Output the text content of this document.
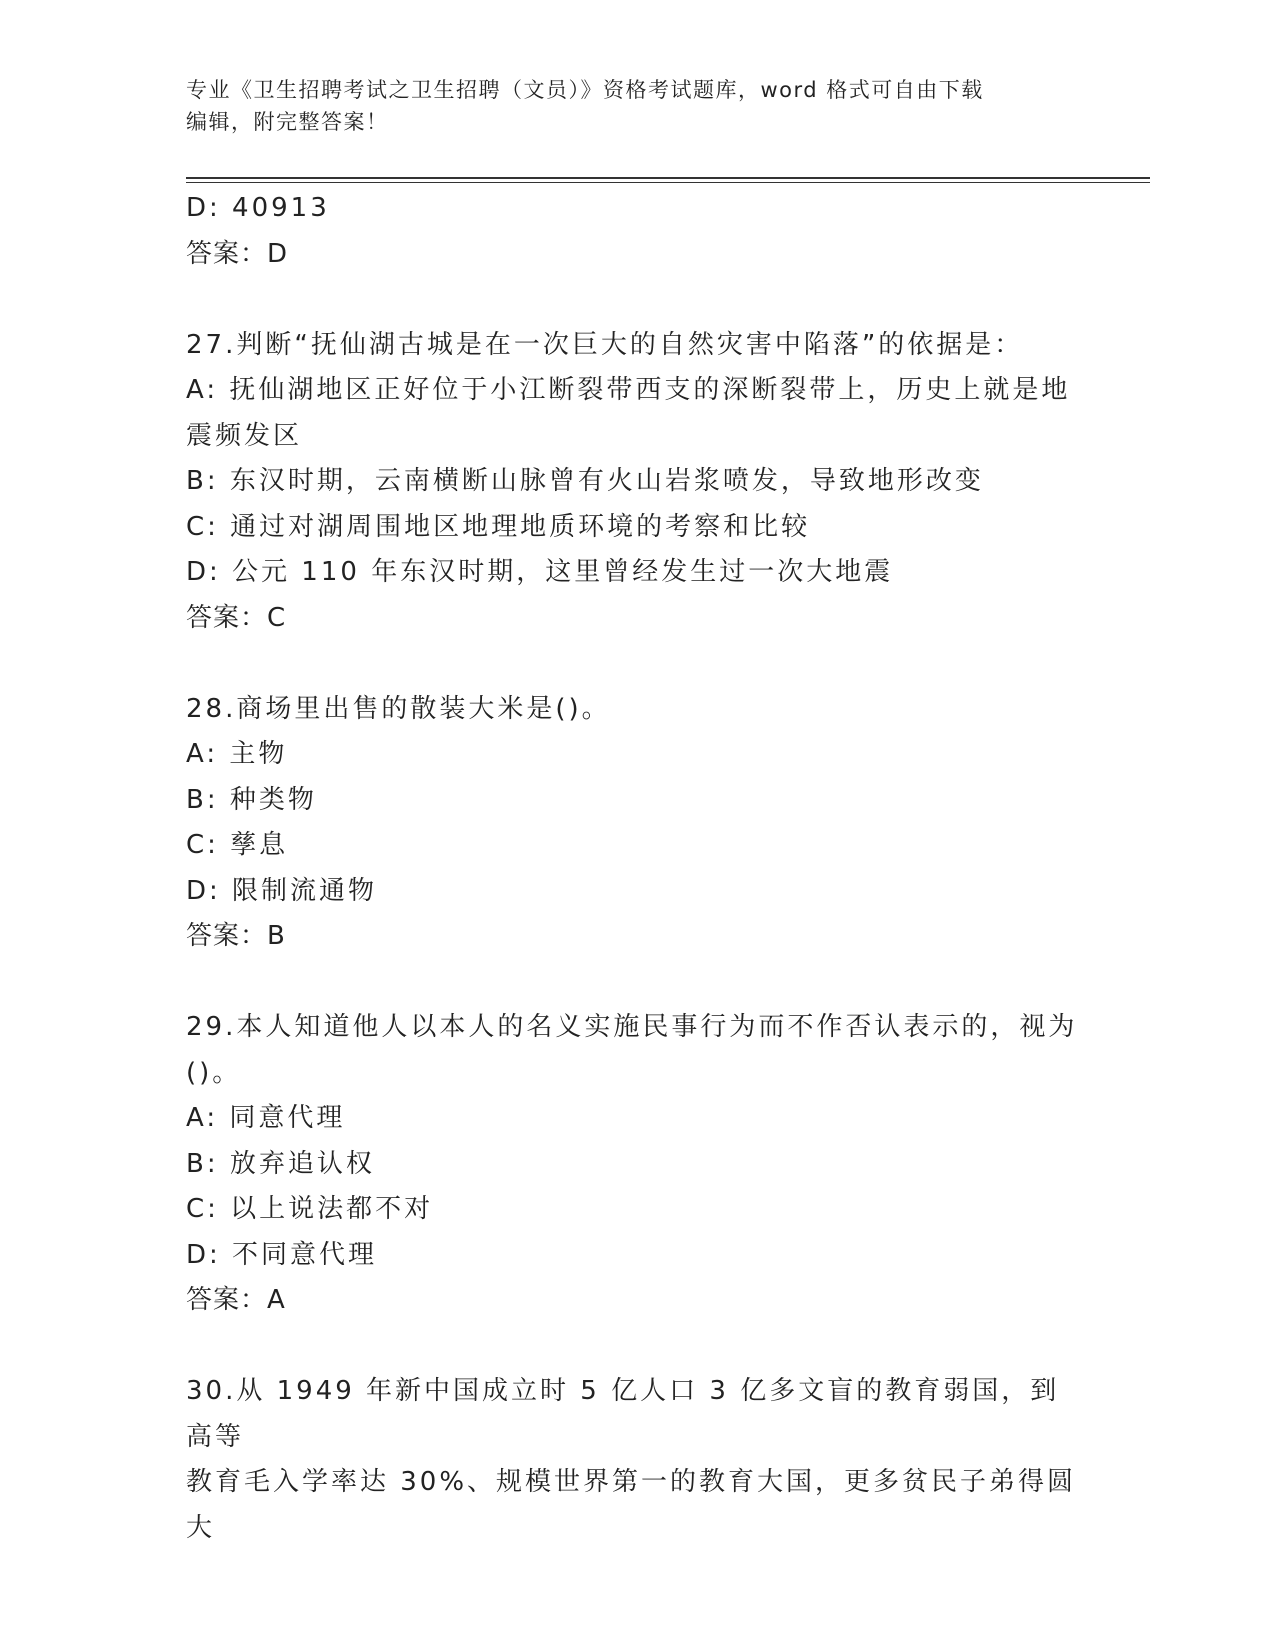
专业《卫生招聘考试之卫生招聘（文员）》资格考试题库，word 格式可自由下载
编辑，附完整答案！
D: 40913
答案：D
27.判断“抚仙湖古城是在一次巨大的自然灾害中陷落”的依据是：
A: 抚仙湖地区正好位于小江断裂带西支的深断裂带上，历史上就是地
震频发区
B: 东汉时期，云南横断山脉曾有火山岩浆喷发，导致地形改变
C: 通过对湖周围地区地理地质环境的考察和比较
D: 公元 110 年东汉时期，这里曾经发生过一次大地震
答案：C
28.商场里出售的散装大米是()。
A: 主物
B: 种类物
C: 孳息
D: 限制流通物
答案：B
29.本人知道他人以本人的名义实施民事行为而不作否认表示的，视为
()。
A: 同意代理
B: 放弃追认权
C: 以上说法都不对
D: 不同意代理
答案：A
30.从 1949 年新中国成立时 5 亿人口 3 亿多文盲的教育弱国，到高等
教育毛入学率达 30%、规模世界第一的教育大国，更多贫民子弟得圆大
